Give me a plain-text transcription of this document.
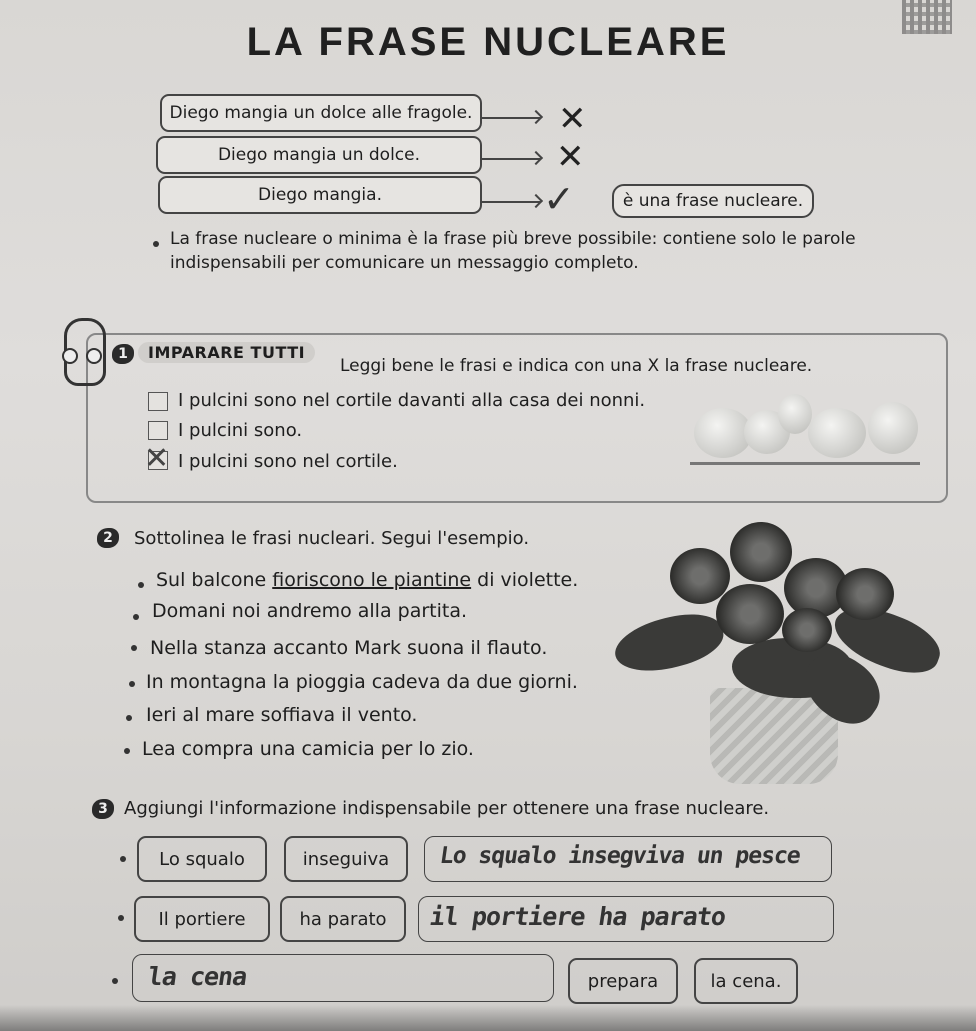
LA FRASE NUCLEARE
Diego mangia un dolce alle fragole.	✕
Diego mangia un dolce.	✕
Diego mangia.	✓	è una frase nucleare.
La frase nucleare o minima è la frase più breve possibile: contiene solo le parole
indispensabili per comunicare un messaggio completo.
1	IMPARARE TUTTI
Leggi bene le frasi e indica con una X la frase nucleare.
I pulcini sono nel cortile davanti alla casa dei nonni.
I pulcini sono.
✕ I pulcini sono nel cortile.
2	Sottolinea le frasi nucleari. Segui l'esempio.
Sul balcone fioriscono le piantine di violette.
Domani noi andremo alla partita.
Nella stanza accanto Mark suona il flauto.
In montagna la pioggia cadeva da due giorni.
Ieri al mare soffiava il vento.
Lea compra una camicia per lo zio.
3 Aggiungi l'informazione indispensabile per ottenere una frase nucleare.
Lo squalo	inseguiva Lo squalo insegviva un pesce
Il portiere	ha parato il portiere ha parato
la cena	prepara	la cena.
